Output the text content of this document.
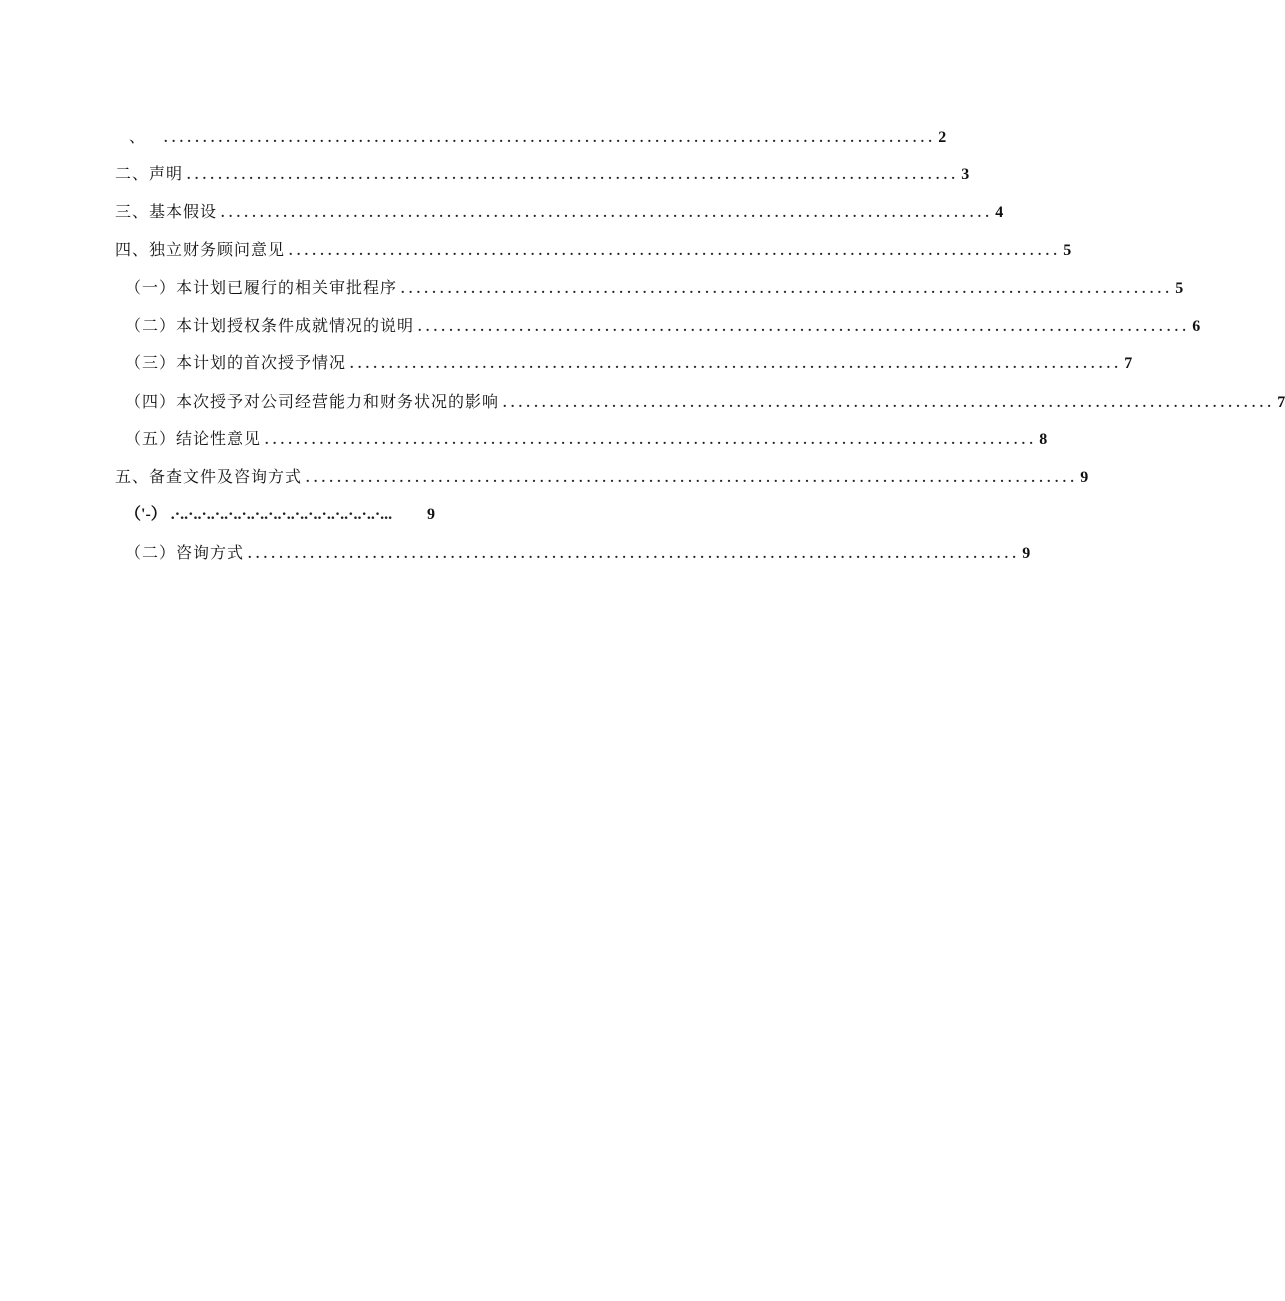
、	................................................................................................... 2
二、声明 ................................................................................................... 3
三、基本假设 ................................................................................................... 4
四、独立财务顾问意见 ................................................................................................... 5
（一）本计划已履行的相关审批程序 ................................................................................................... 5
（二）本计划授权条件成就情况的说明 ................................................................................................... 6
（三）本计划的首次授予情况 ................................................................................................... 7
（四）本次授予对公司经营能力和财务状况的影响 ................................................................................................... 7
（五）结论性意见 ................................................................................................... 8
五、备查文件及咨询方式 ................................................................................................... 9
（'-） .·..·..·..·..·..·..·..·..·..·..·..·..·..·..·..·...	9
（二）咨询方式 ................................................................................................... 9
